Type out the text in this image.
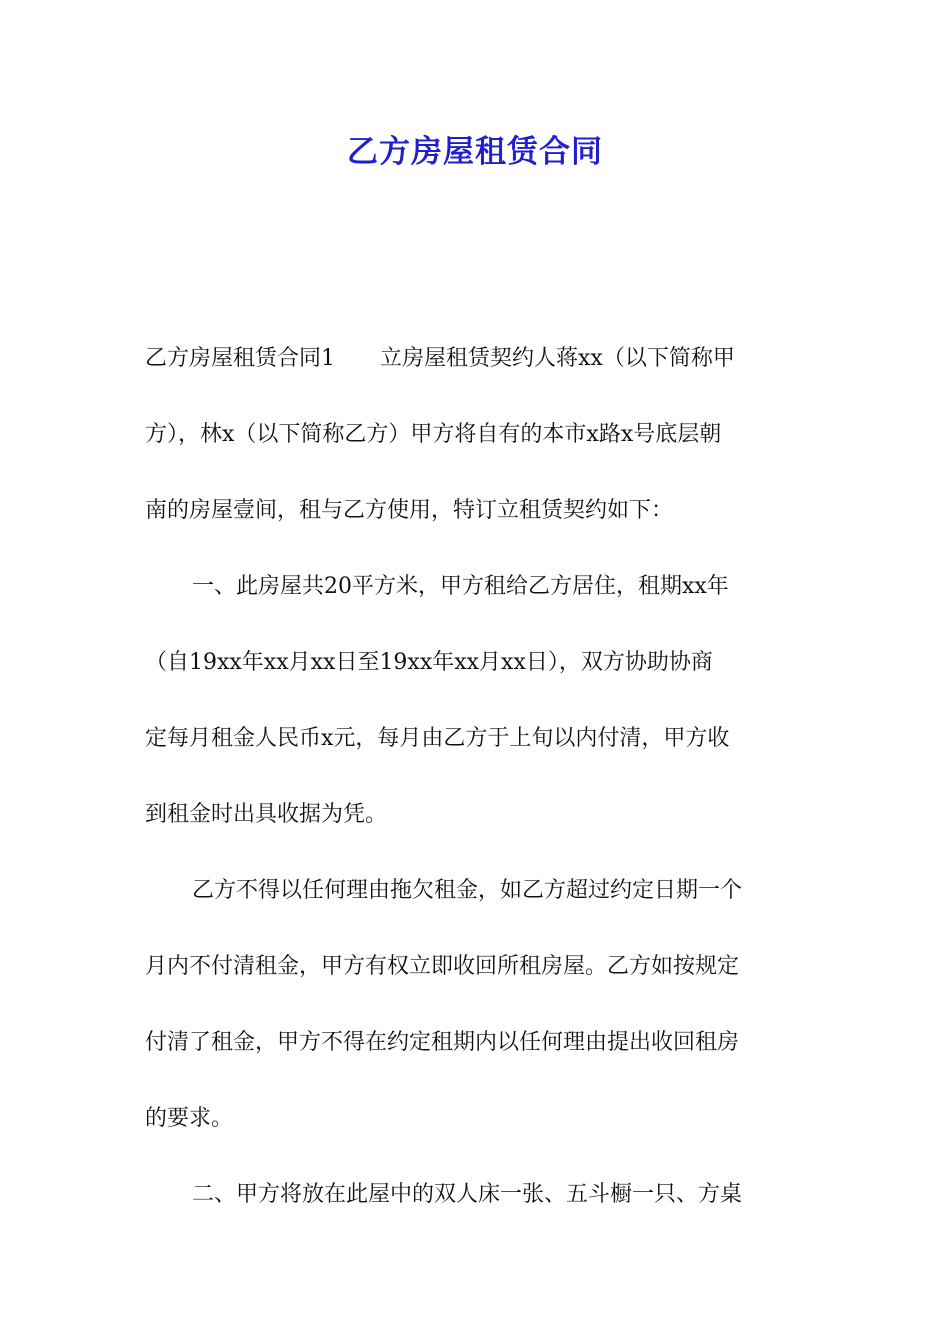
乙方房屋租赁合同
乙方房屋租赁合同1 立房屋租赁契约人蒋xx（以下简称甲
方），林x（以下简称乙方）甲方将自有的本市x路x号底层朝
南的房屋壹间，租与乙方使用，特订立租赁契约如下：
一、此房屋共20平方米，甲方租给乙方居住，租期xx年
（自19xx年xx月xx日至19xx年xx月xx日），双方协助协商
定每月租金人民币x元，每月由乙方于上旬以内付清，甲方收
到租金时出具收据为凭。
乙方不得以任何理由拖欠租金，如乙方超过约定日期一个
月内不付清租金，甲方有权立即收回所租房屋。乙方如按规定
付清了租金，甲方不得在约定租期内以任何理由提出收回租房
的要求。
二、甲方将放在此屋中的双人床一张、五斗橱一只、方桌
